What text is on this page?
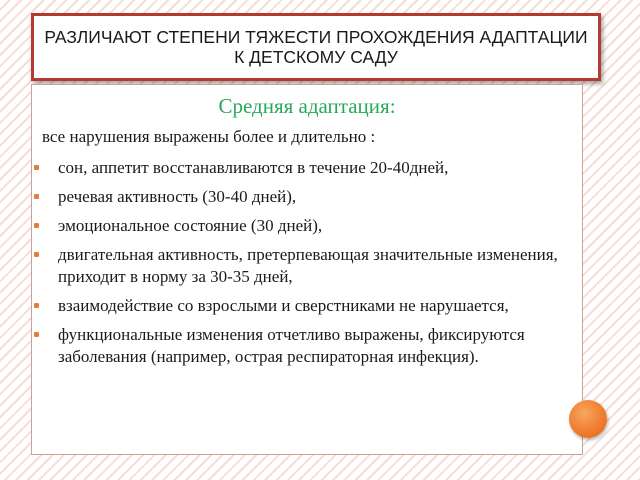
РАЗЛИЧАЮТ СТЕПЕНИ ТЯЖЕСТИ ПРОХОЖДЕНИЯ АДАПТАЦИИ К ДЕТСКОМУ САДУ
Средняя адаптация:
все нарушения выражены более и длительно :
сон, аппетит восстанавливаются в течение 20-40дней,
речевая активность (30-40 дней),
эмоциональное состояние (30 дней),
двигательная активность, претерпевающая значительные изменения, приходит в норму за 30-35 дней,
взаимодействие со взрослыми и сверстниками не нарушается,
функциональные изменения отчетливо выражены, фиксируются заболевания (например, острая респираторная инфекция).
